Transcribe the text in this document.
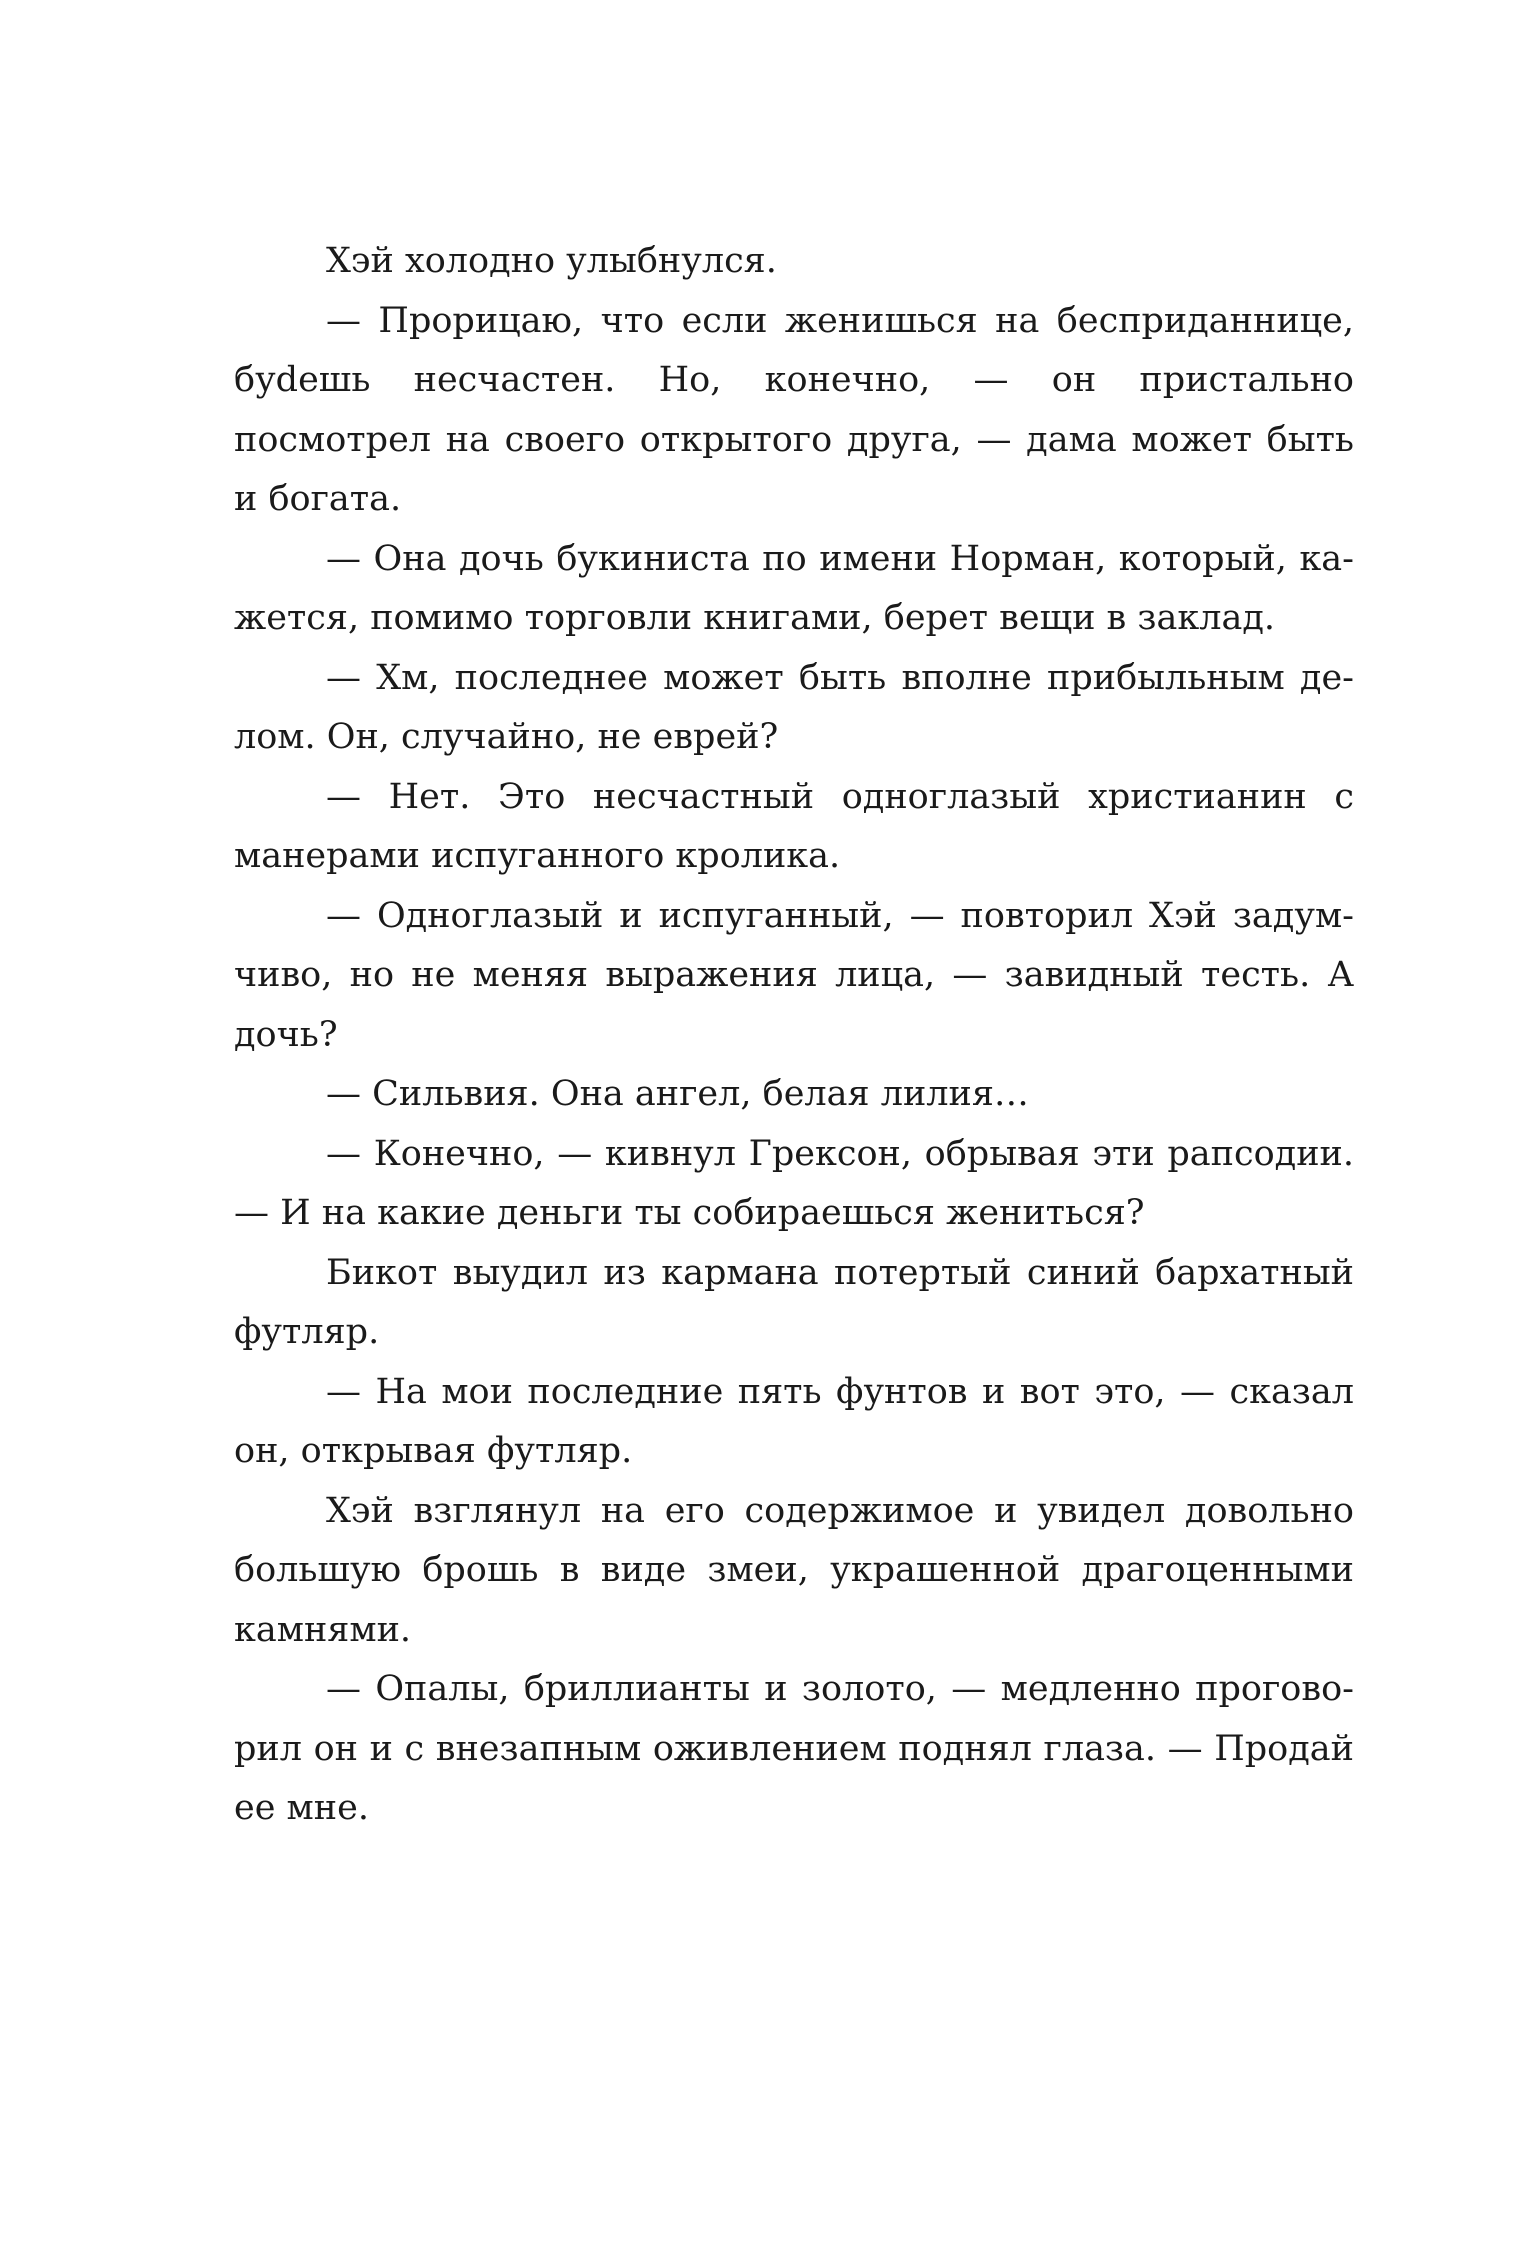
Хэй холодно улыбнулся.

— Прорицаю, что если женишься на бесприданнице, буdешь несчастен. Но, конечно, — он пристально посмотрел на своего открытого друга, — дама может быть и богата.

— Она дочь букиниста по имени Норман, который, кажется, помимо торговли книгами, берет вещи в заклад.

— Хм, последнее может быть вполне прибыльным делом. Он, случайно, не еврей?

— Нет. Это несчастный одноглазый христианин с манерами испуганного кролика.

— Одноглазый и испуганный, — повторил Хэй задумчиво, но не меняя выражения лица, — завидный тесть. А дочь?

— Сильвия. Она ангел, белая лилия…

— Конечно, — кивнул Грексон, обрывая эти рапсодии. — И на какие деньги ты собираешься жениться?

Бикот выудил из кармана потертый синий бархатный футляр.

— На мои последние пять фунтов и вот это, — сказал он, открывая футляр.

Хэй взглянул на его содержимое и увидел довольно большую брошь в виде змеи, украшенной драгоценными камнями.

— Опалы, бриллианты и золото, — медленно проговорил он и с внезапным оживлением поднял глаза. — Продай ее мне.
